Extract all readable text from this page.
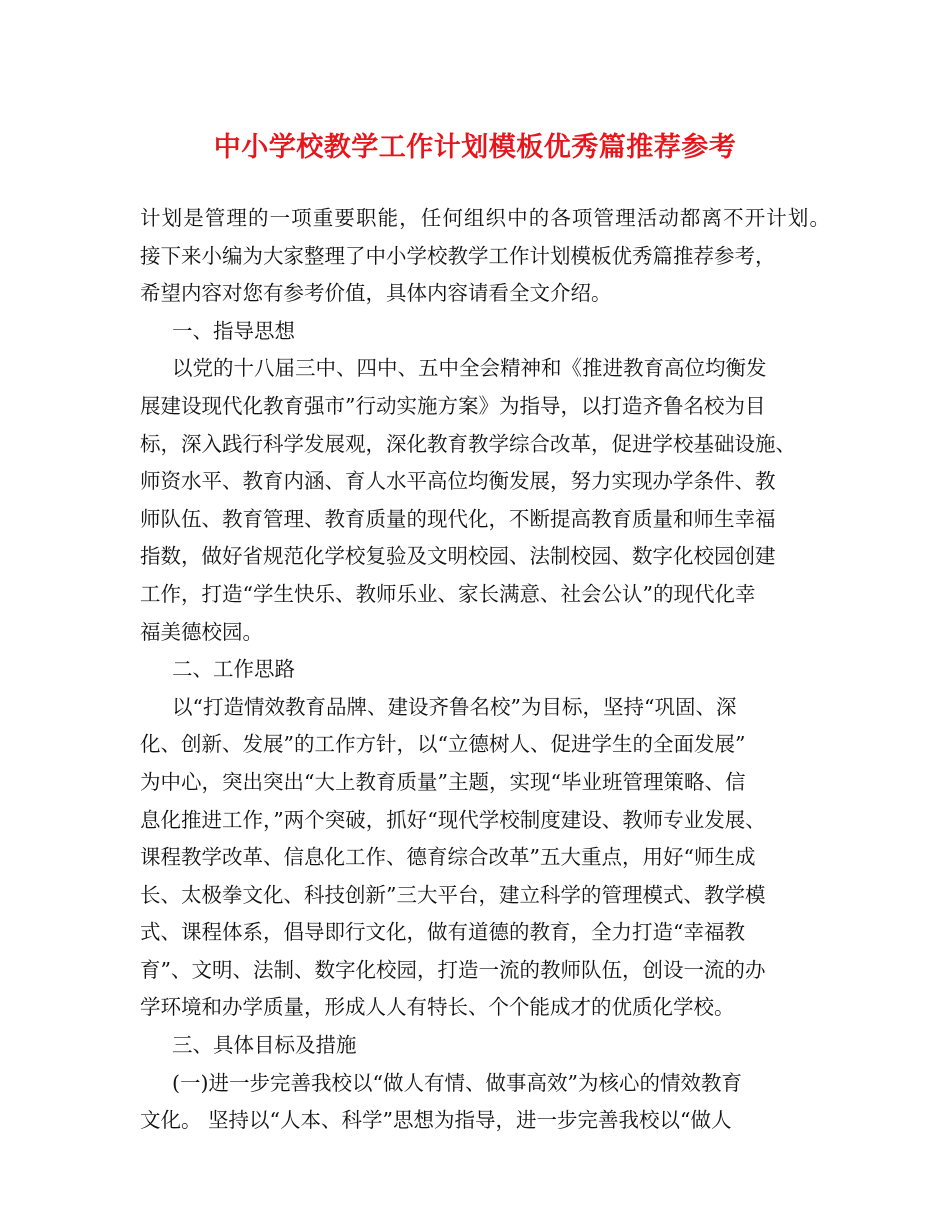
中小学校教学工作计划模板优秀篇推荐参考
计划是管理的一项重要职能，任何组织中的各项管理活动都离不开计划。
接下来小编为大家整理了中小学校教学工作计划模板优秀篇推荐参考，
希望内容对您有参考价值，具体内容请看全文介绍。
一、指导思想
以党的十八届三中、四中、五中全会精神和《推进教育高位均衡发
展建设现代化教育强市”行动实施方案》为指导，以打造齐鲁名校为目
标，深入践行科学发展观，深化教育教学综合改革，促进学校基础设施、
师资水平、教育内涵、育人水平高位均衡发展，努力实现办学条件、教
师队伍、教育管理、教育质量的现代化，不断提高教育质量和师生幸福
指数，做好省规范化学校复验及文明校园、法制校园、数字化校园创建
工作，打造“学生快乐、教师乐业、家长满意、社会公认”的现代化幸
福美德校园。
二、工作思路
以“打造情效教育品牌、建设齐鲁名校”为目标，坚持“巩固、深
化、创新、发展”的工作方针，以“立德树人、促进学生的全面发展”
为中心，突出突出“大上教育质量”主题，实现“毕业班管理策略、信
息化推进工作，”两个突破，抓好“现代学校制度建设、教师专业发展、
课程教学改革、信息化工作、德育综合改革”五大重点，用好“师生成
长、太极拳文化、科技创新”三大平台，建立科学的管理模式、教学模
式、课程体系，倡导即行文化，做有道德的教育，全力打造“幸福教
育”、文明、法制、数字化校园，打造一流的教师队伍，创设一流的办
学环境和办学质量，形成人人有特长、个个能成才的优质化学校。
三、具体目标及措施
(一)进一步完善我校以“做人有情、做事高效”为核心的情效教育
文化。 坚持以“人本、科学”思想为指导，进一步完善我校以“做人
